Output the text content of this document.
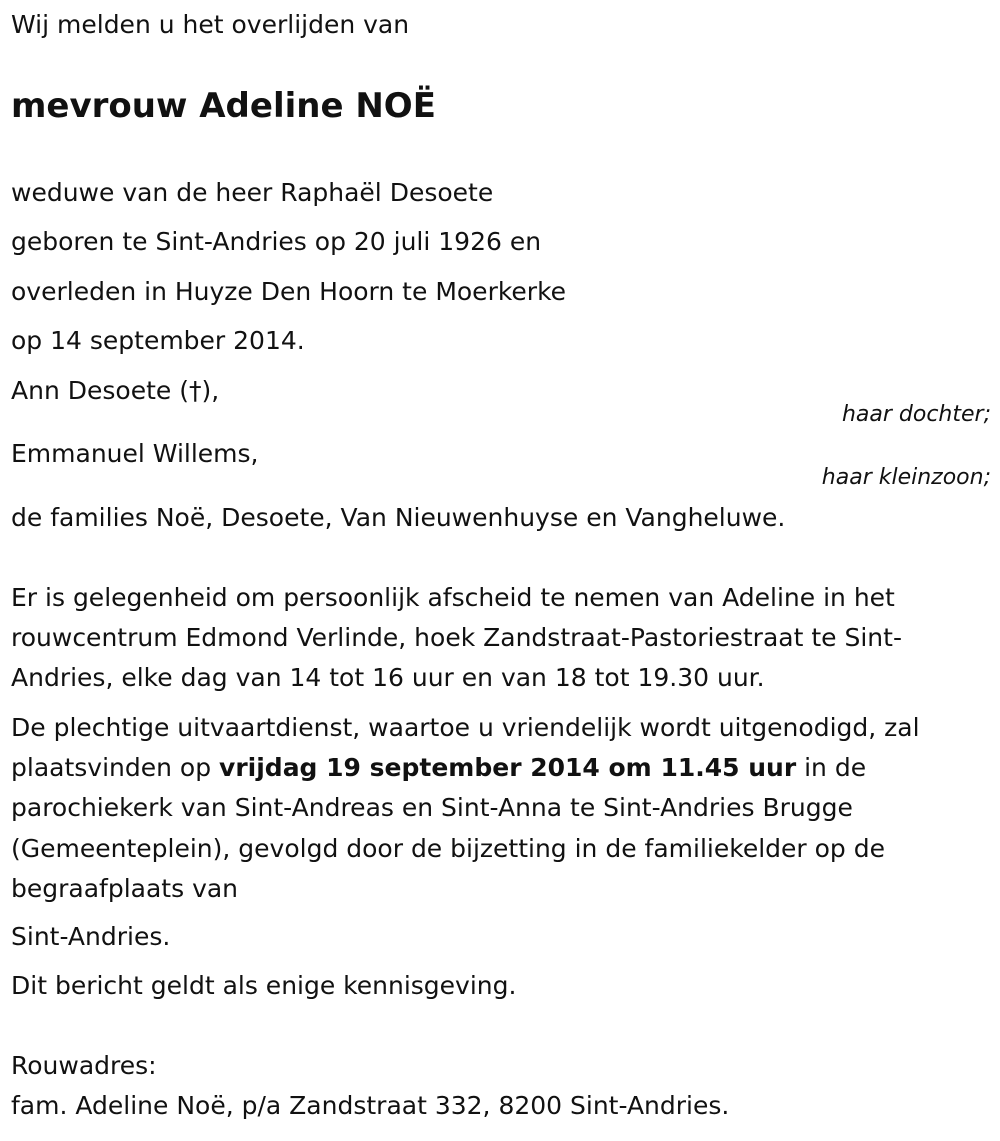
Wij melden u het overlijden van
mevrouw Adeline NOË
weduwe van de heer Raphaël Desoete
geboren te Sint-Andries op 20 juli 1926 en
overleden in Huyze Den Hoorn te Moerkerke
op 14 september 2014.
Ann Desoete (†),
haar dochter;
Emmanuel Willems,
haar kleinzoon;
de families Noë, Desoete, Van Nieuwenhuyse en Vangheluwe.

Er is gelegenheid om persoonlijk afscheid te nemen van Adeline in het rouwcentrum Edmond Verlinde, hoek Zandstraat-Pastoriestraat te Sint-Andries, elke dag van 14 tot 16 uur en van 18 tot 19.30 uur.

De plechtige uitvaartdienst, waartoe u vriendelijk wordt uitgenodigd, zal plaatsvinden op vrijdag 19 september 2014 om 11.45 uur in de parochiekerk van Sint-Andreas en Sint-Anna te Sint-Andries Brugge (Gemeenteplein), gevolgd door de bijzetting in de familiekelder op de begraafplaats van

Sint-Andries.
Dit bericht geldt als enige kennisgeving.
Rouwadres:
fam. Adeline Noë, p/a Zandstraat 332, 8200 Sint-Andries.
